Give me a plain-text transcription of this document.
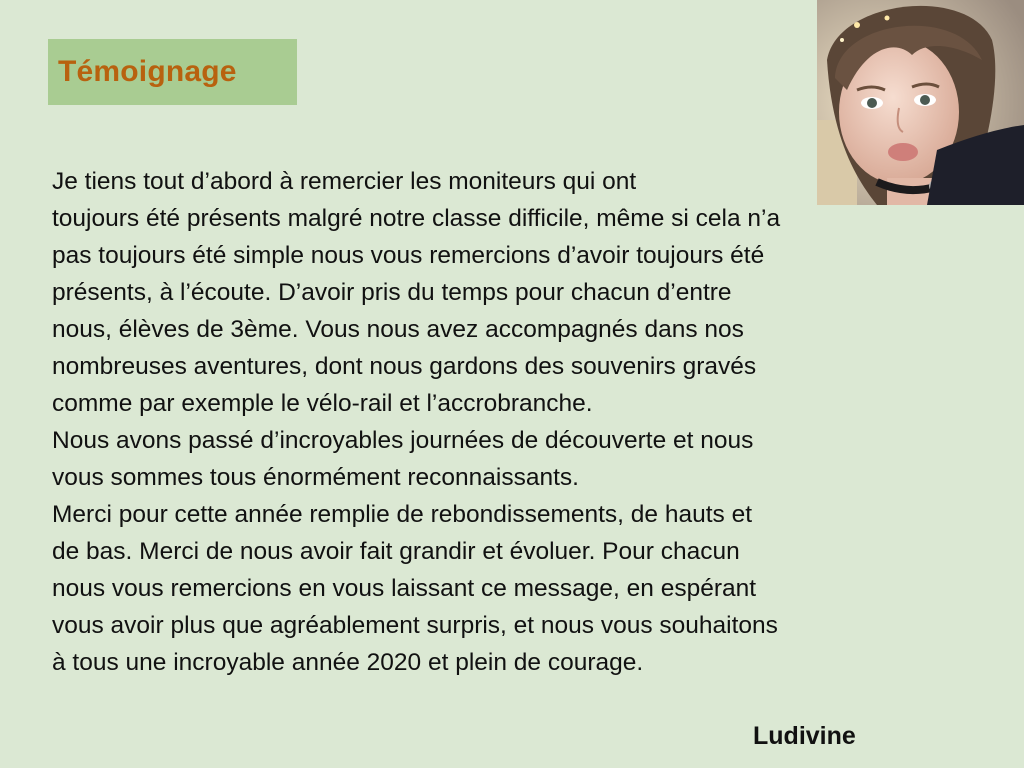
Témoignage
Je tiens tout d’abord à remercier les moniteurs qui ont
toujours été présents malgré notre classe difficile, même si cela n’a
pas toujours été simple nous vous remercions d’avoir toujours été
présents, à l’écoute. D’avoir pris du temps pour chacun d’entre
nous, élèves de 3ème. Vous nous avez accompagnés dans nos
nombreuses aventures, dont nous gardons des souvenirs gravés
comme par exemple le vélo-rail et l’accrobranche.
Nous avons passé d’incroyables journées de découverte et nous
vous sommes tous énormément reconnaissants.
Merci pour cette année remplie de rebondissements, de hauts et
de bas. Merci de nous avoir fait grandir et évoluer. Pour chacun
nous vous remercions en vous laissant ce message, en espérant
vous avoir plus que agréablement surpris, et nous vous souhaitons
à tous une incroyable année 2020 et plein de courage.
Ludivine
